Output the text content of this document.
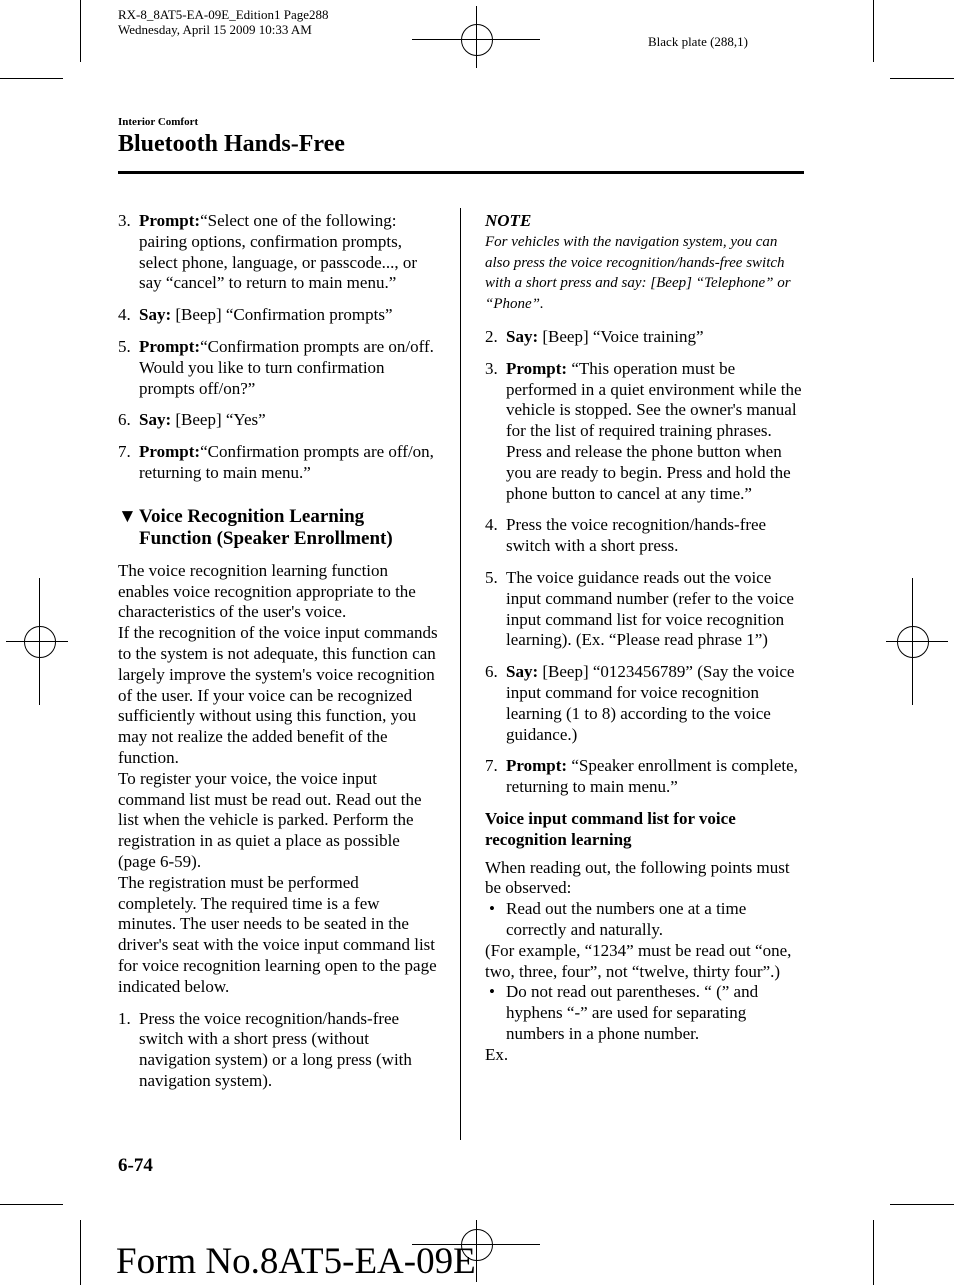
RX-8_8AT5-EA-09E_Edition1 Page288
Wednesday, April 15 2009 10:33 AM
Black plate (288,1)
Interior Comfort
Bluetooth Hands-Free
3. Prompt:“Select one of the following: pairing options, confirmation prompts, select phone, language, or passcode..., or say “cancel” to return to main menu.”
4. Say: [Beep] “Confirmation prompts”
5. Prompt:“Confirmation prompts are on/off. Would you like to turn confirmation prompts off/on?”
6. Say: [Beep] “Yes”
7. Prompt:“Confirmation prompts are off/on, returning to main menu.”
▼ Voice Recognition Learning Function (Speaker Enrollment)

The voice recognition learning function enables voice recognition appropriate to the characteristics of the user's voice.

If the recognition of the voice input commands to the system is not adequate, this function can largely improve the system's voice recognition of the user. If your voice can be recognized sufficiently without using this function, you may not realize the added benefit of the function.

To register your voice, the voice input command list must be read out. Read out the list when the vehicle is parked. Perform the registration in as quiet a place as possible (page 6-59).

The registration must be performed completely. The required time is a few minutes. The user needs to be seated in the driver's seat with the voice input command list for voice recognition learning open to the page indicated below.

1. Press the voice recognition/hands-free switch with a short press (without navigation system) or a long press (with navigation system).
NOTE
For vehicles with the navigation system, you can also press the voice recognition/hands-free switch with a short press and say: [Beep] “Telephone” or “Phone”.
2. Say: [Beep] “Voice training”
3. Prompt: “This operation must be performed in a quiet environment while the vehicle is stopped. See the owner's manual for the list of required training phrases. Press and release the phone button when you are ready to begin. Press and hold the phone button to cancel at any time.”
4. Press the voice recognition/hands-free switch with a short press.
5. The voice guidance reads out the voice input command number (refer to the voice input command list for voice recognition learning). (Ex. “Please read phrase 1”)
6. Say: [Beep] “0123456789” (Say the voice input command for voice recognition learning (1 to 8) according to the voice guidance.)
7. Prompt: “Speaker enrollment is complete, returning to main menu.”
Voice input command list for voice recognition learning
When reading out, the following points must be observed:
• Read out the numbers one at a time correctly and naturally.
(For example, “1234” must be read out “one, two, three, four”, not “twelve, thirty four”.)
• Do not read out parentheses. “ (” and hyphens “-” are used for separating numbers in a phone number.
Ex.
6-74
Form No.8AT5-EA-09E
